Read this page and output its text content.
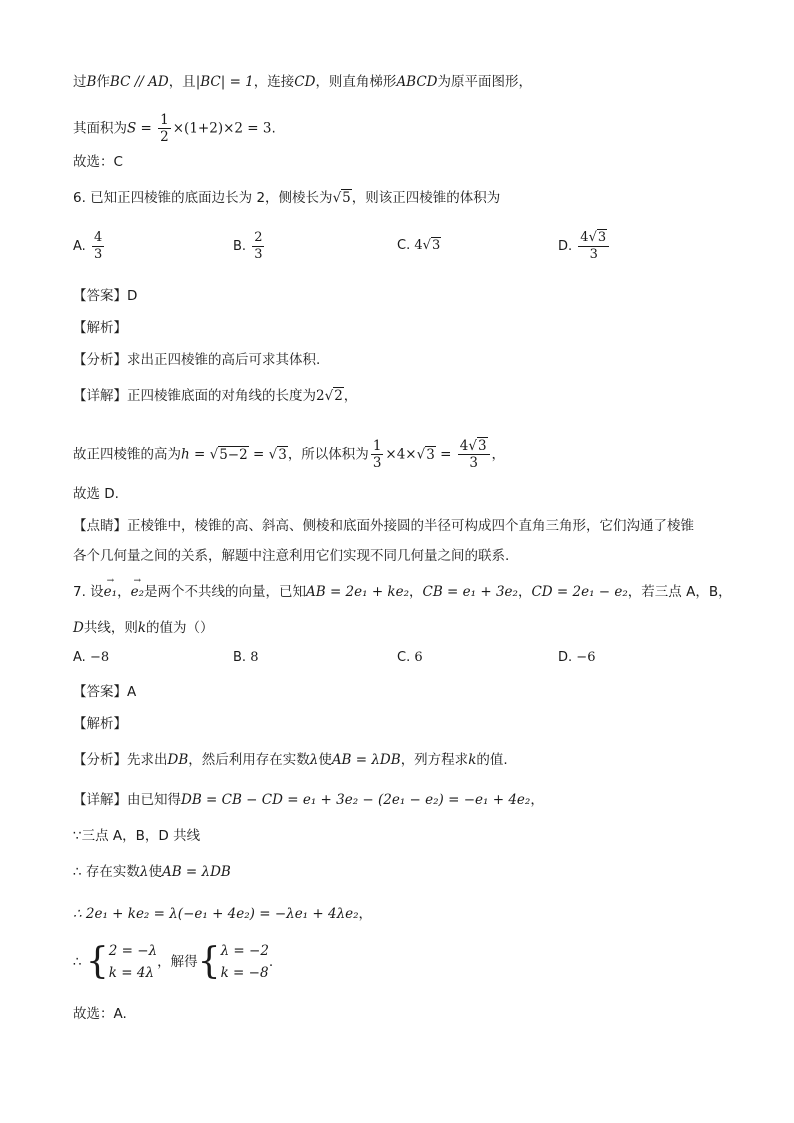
过B作BC // AD，且|BC| = 1，连接CD，则直角梯形ABCD为原平面图形，
其面积为$S = \frac{1}{2} \times(1+2)\times 2 = 3$.
故选：C
6. 已知正四棱锥的底面边长为 2，侧棱长为√5，则该正四棱锥的体积为
A. $\frac{4}{3}$	B. $\frac{2}{3}$	C. 4√3	D. $\frac{4√3}{3}$
【答案】D
【解析】
【分析】求出正四棱锥的高后可求其体积.
【详解】正四棱锥底面的对角线的长度为2√2，
故正四棱锥的高为h = √5−2 = √3，所以体积为 $\frac{1}{3} \times 4\times√3 = \frac{4√3}{3}$ ，
故选 D.
【点睛】正棱锥中，棱锥的高、斜高、侧棱和底面外接圆的半径可构成四个直角三角形，它们沟通了棱锥
各个几何量之间的关系，解题中注意利用它们实现不同几何量之间的联系.
7. 设→ e₁，→ e₂是两个不共线的向量，已知AB = 2e₁ + ke₂，CB = e₁ + 3e₂，CD = 2e₁ − e₂，若三点 A，B，
D共线，则k的值为（）
A. −8	B. 8	C. 6	D. −6
【答案】A
【解析】
【分析】先求出DB，然后利用存在实数λ使AB = λDB，列方程求k的值.
【详解】由已知得DB = CB − CD = e₁ + 3e₂ − (2e₁ − e₂) = −e₁ + 4e₂，
∵三点 A，B，D 共线
∴ 存在实数λ使AB = λDB
∴ 2e₁ + ke₂ = λ(−e₁ + 4e₂) = −λe₁ + 4λe₂，
∴ { 2 = −λ
k = 4λ
，解得{ λ = −2
k = −8
.
故选：A.
